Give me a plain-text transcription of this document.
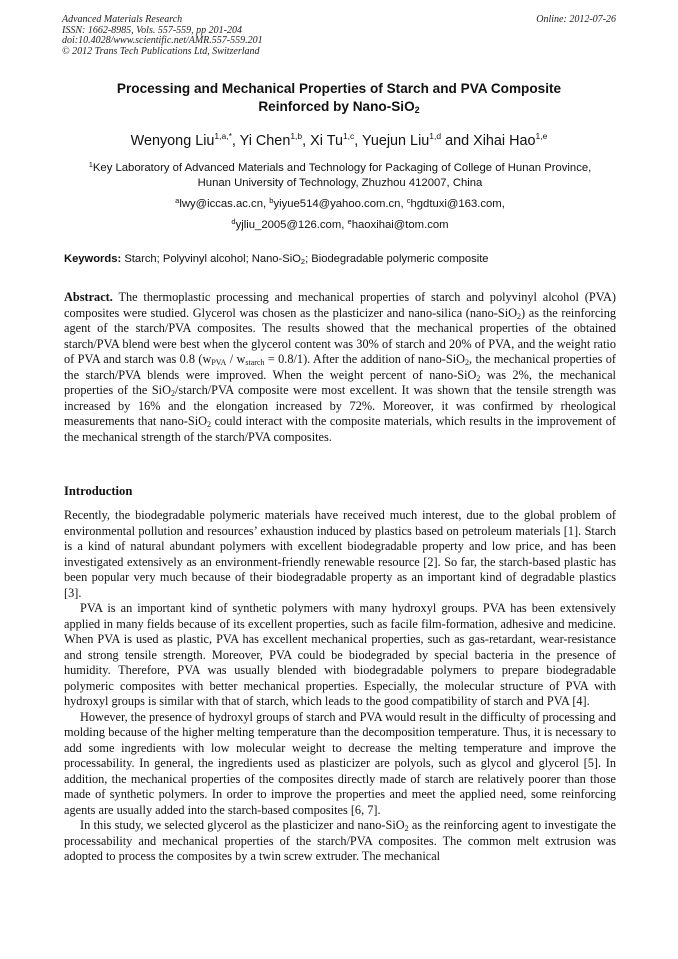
Advanced Materials Research
ISSN: 1662-8985, Vols. 557-559, pp 201-204
doi:10.4028/www.scientific.net/AMR.557-559.201
© 2012 Trans Tech Publications Ltd, Switzerland
Online: 2012-07-26
Processing and Mechanical Properties of Starch and PVA Composite
Reinforced by Nano-SiO$_2$
Wenyong Liu$^{1,a,*}$, Yi Chen$^{1,b}$, Xi Tu$^{1,c}$, Yuejun Liu$^{1,d}$ and Xihai Hao$^{1,e}$
$^1$Key Laboratory of Advanced Materials and Technology for Packaging of College of Hunan Province,
Hunan University of Technology, Zhuzhou 412007, China
$^a$lwy@iccas.ac.cn, $^b$yiyue514@yahoo.com.cn, $^c$hgdtuxi@163.com,
$^d$yjliu_2005@126.com, $^e$haoxihai@tom.com
Keywords: Starch; Polyvinyl alcohol; Nano-SiO$_2$; Biodegradable polymeric composite
Abstract. The thermoplastic processing and mechanical properties of starch and polyvinyl alcohol (PVA) composites were studied. Glycerol was chosen as the plasticizer and nano-silica (nano-SiO$_2$) as the reinforcing agent of the starch/PVA composites. The results showed that the mechanical properties of the obtained starch/PVA blend were best when the glycerol content was 30% of starch and 20% of PVA, and the weight ratio of PVA and starch was 0.8 $(w_{PVA} / w_{starch} = 0.8/1)$. After the addition of nano-SiO$_2$, the mechanical properties of the starch/PVA blends were improved. When the weight percent of nano-SiO$_2$ was 2%, the mechanical properties of the SiO$_2$/starch/PVA composite were most excellent. It was shown that the tensile strength was increased by 16% and the elongation increased by 72%. Moreover, it was confirmed by rheological measurements that nano-SiO$_2$ could interact with the composite materials, which results in the improvement of the mechanical strength of the starch/PVA composites.
Introduction

Recently, the biodegradable polymeric materials have received much interest, due to the global problem of environmental pollution and resources’ exhaustion induced by plastics based on petroleum materials [1]. Starch is a kind of natural abundant polymers with excellent biodegradable property and low price, and has been investigated extensively as an environment-friendly renewable resource [2]. So far, the starch-based plastic has been popular very much because of their biodegradable property as an important kind of degradable plastics [3].

PVA is an important kind of synthetic polymers with many hydroxyl groups. PVA has been extensively applied in many fields because of its excellent properties, such as facile film-formation, adhesive and medicine. When PVA is used as plastic, PVA has excellent mechanical properties, such as gas-retardant, wear-resistance and strong tensile strength. Moreover, PVA could be biodegraded by special bacteria in the presence of humidity. Therefore, PVA was usually blended with biodegradable polymers to prepare biodegradable polymeric composites with better mechanical properties. Especially, the molecular structure of PVA with hydroxyl groups is similar with that of starch, which leads to the good compatibility of starch and PVA [4].

However, the presence of hydroxyl groups of starch and PVA would result in the difficulty of processing and molding because of the higher melting temperature than the decomposition temperature. Thus, it is necessary to add some ingredients with low molecular weight to decrease the melting temperature and improve the processability. In general, the ingredients used as plasticizer are polyols, such as glycol and glycerol [5]. In addition, the mechanical properties of the composites directly made of starch are relatively poorer than those made of synthetic polymers. In order to improve the properties and meet the applied need, some reinforcing agents are usually added into the starch-based composites [6, 7].

In this study, we selected glycerol as the plasticizer and nano-SiO$_2$ as the reinforcing agent to investigate the processability and mechanical properties of the starch/PVA composites. The common melt extrusion was adopted to process the composites by a twin screw extruder. The mechanical
